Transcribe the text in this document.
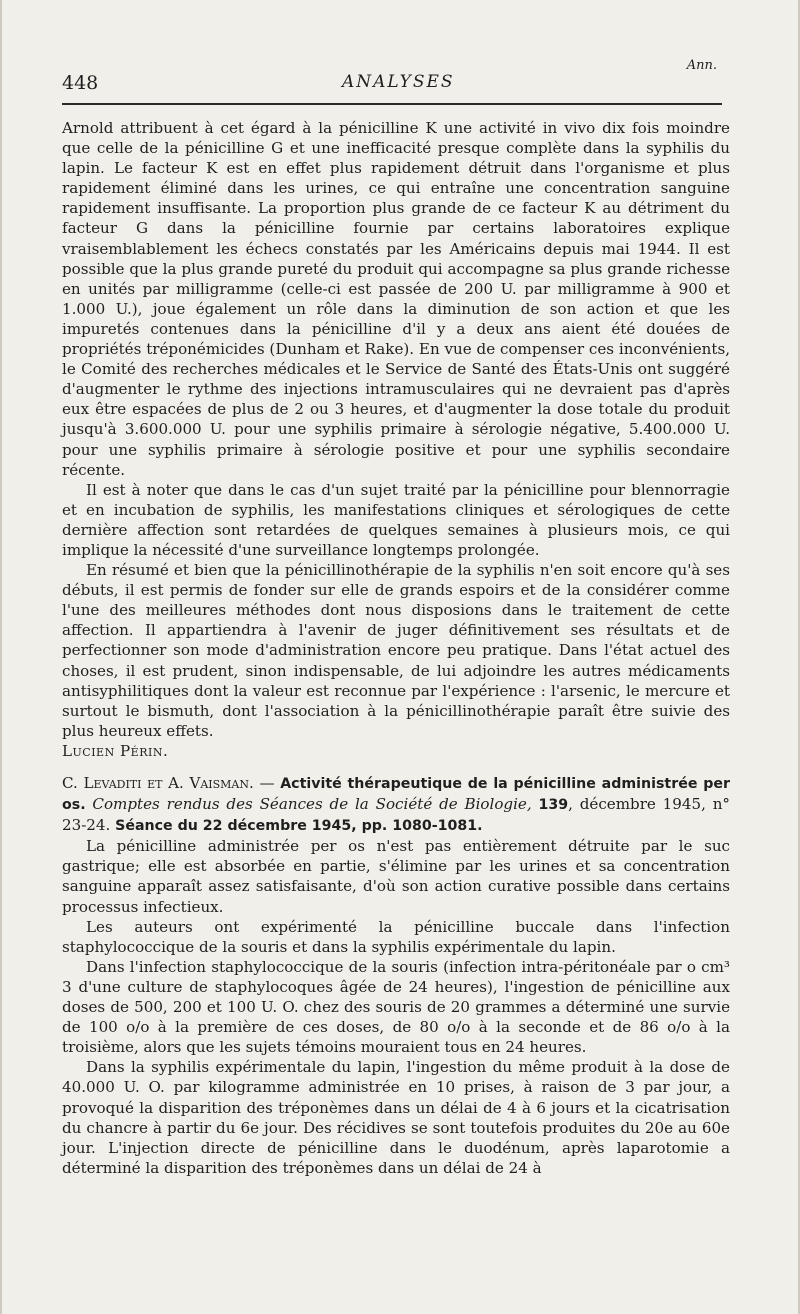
448	ANALYSES
Ann.

Arnold attribuent à cet égard à la pénicilline K une activité in vivo dix fois moindre que celle de la pénicilline G et une inefficacité presque complète dans la syphilis du lapin. Le facteur K est en effet plus rapidement détruit dans l'organisme et plus rapidement éliminé dans les urines, ce qui entraîne une concentration sanguine rapidement insuffisante. La proportion plus grande de ce facteur K au détriment du facteur G dans la pénicilline fournie par certains laboratoires explique vraisemblablement les échecs constatés par les Américains depuis mai 1944. Il est possible que la plus grande pureté du produit qui accompagne sa plus grande richesse en unités par milligramme (celle-ci est passée de 200 U. par milligramme à 900 et 1.000 U.), joue également un rôle dans la diminution de son action et que les impuretés contenues dans la pénicilline d'il y a deux ans aient été douées de propriétés tréponémicides (Dunham et Rake). En vue de compenser ces inconvénients, le Comité des recherches médicales et le Service de Santé des États-Unis ont suggéré d'augmenter le rythme des injections intramusculaires qui ne devraient pas d'après eux être espacées de plus de 2 ou 3 heures, et d'augmenter la dose totale du produit jusqu'à 3.600.000 U. pour une syphilis primaire à sérologie négative, 5.400.000 U. pour une syphilis primaire à sérologie positive et pour une syphilis secondaire récente.

Il est à noter que dans le cas d'un sujet traité par la pénicilline pour blennorragie et en incubation de syphilis, les manifestations cliniques et sérologiques de cette dernière affection sont retardées de quelques semaines à plusieurs mois, ce qui implique la nécessité d'une surveillance longtemps prolongée.

En résumé et bien que la pénicillinothérapie de la syphilis n'en soit encore qu'à ses débuts, il est permis de fonder sur elle de grands espoirs et de la considérer comme l'une des meilleures méthodes dont nous disposions dans le traitement de cette affection. Il appartiendra à l'avenir de juger définitivement ses résultats et de perfectionner son mode d'administration encore peu pratique. Dans l'état actuel des choses, il est prudent, sinon indispensable, de lui adjoindre les autres médicaments antisyphilitiques dont la valeur est reconnue par l'expérience : l'arsenic, le mercure et surtout le bismuth, dont l'association à la pénicillinothérapie paraît être suivie des plus heureux effets.

Lucien Périn.

C. Levaditi et A. Vaisman. — Activité thérapeutique de la pénicilline administrée per os. Comptes rendus des Séances de la Société de Biologie, 139, décembre 1945, n° 23-24. Séance du 22 décembre 1945, pp. 1080-1081.

La pénicilline administrée per os n'est pas entièrement détruite par le suc gastrique; elle est absorbée en partie, s'élimine par les urines et sa concentration sanguine apparaît assez satisfaisante, d'où son action curative possible dans certains processus infectieux.

Les auteurs ont expérimenté la pénicilline buccale dans l'infection staphylococcique de la souris et dans la syphilis expérimentale du lapin.

Dans l'infection staphylococcique de la souris (infection intra-péritonéale par o cm³ 3 d'une culture de staphylocoques âgée de 24 heures), l'ingestion de pénicilline aux doses de 500, 200 et 100 U. O. chez des souris de 20 grammes a déterminé une survie de 100 o/o à la première de ces doses, de 80 o/o à la seconde et de 86 o/o à la troisième, alors que les sujets témoins mouraient tous en 24 heures.

Dans la syphilis expérimentale du lapin, l'ingestion du même produit à la dose de 40.000 U. O. par kilogramme administrée en 10 prises, à raison de 3 par jour, a provoqué la disparition des tréponèmes dans un délai de 4 à 6 jours et la cicatrisation du chancre à partir du 6e jour. Des récidives se sont toutefois produites du 20e au 60e jour. L'injection directe de pénicilline dans le duodénum, après laparotomie a déterminé la disparition des tréponèmes dans un délai de 24 à
